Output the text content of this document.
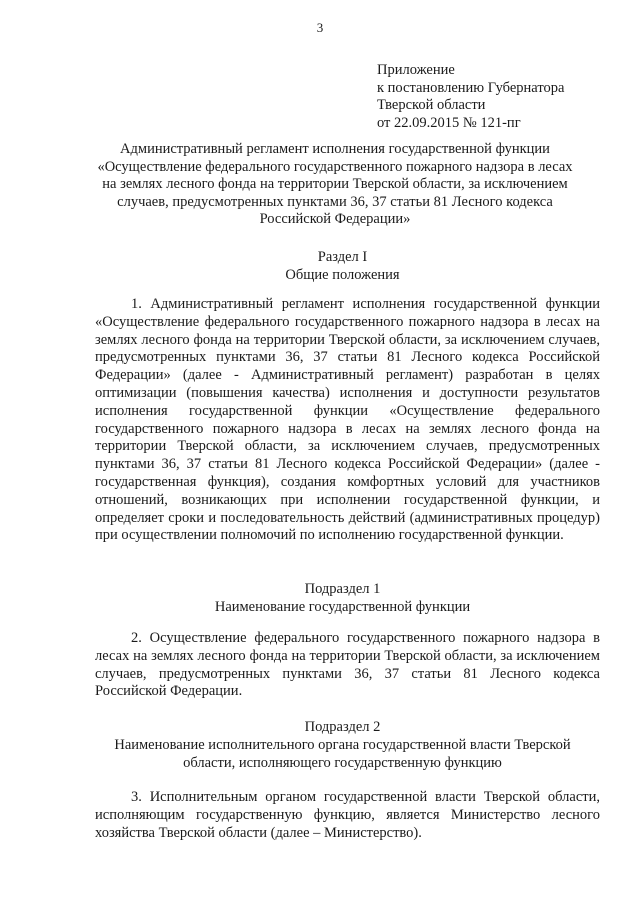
3
Приложение
к постановлению Губернатора
Тверской области
от 22.09.2015 № 121-пг
Административный регламент исполнения государственной функции
«Осуществление федерального государственного пожарного надзора в лесах
на землях лесного фонда на территории Тверской области, за исключением
случаев, предусмотренных пунктами 36, 37 статьи 81 Лесного кодекса
Российской Федерации»
Раздел I
Общие положения
1. Административный регламент исполнения государственной функции «Осуществление федерального государственного пожарного надзора в лесах на землях лесного фонда на территории Тверской области, за исключением случаев, предусмотренных пунктами 36, 37 статьи 81 Лесного кодекса Российской Федерации» (далее - Административный регламент) разработан в целях оптимизации (повышения качества) исполнения и доступности результатов исполнения государственной функции «Осуществление федерального государственного пожарного надзора в лесах на землях лесного фонда на территории Тверской области, за исключением случаев, предусмотренных пунктами 36, 37 статьи 81 Лесного кодекса Российской Федерации» (далее - государственная функция), создания комфортных условий для участников отношений, возникающих при исполнении государственной функции, и определяет сроки и последовательность действий (административных процедур) при осуществлении полномочий по исполнению государственной функции.
Подраздел 1
Наименование государственной функции
2. Осуществление федерального государственного пожарного надзора в лесах на землях лесного фонда на территории Тверской области, за исключением случаев, предусмотренных пунктами 36, 37 статьи 81 Лесного кодекса Российской Федерации.
Подраздел 2
Наименование исполнительного органа государственной власти Тверской
области, исполняющего государственную функцию
3. Исполнительным органом государственной власти Тверской области, исполняющим государственную функцию, является Министерство лесного хозяйства Тверской области (далее – Министерство).
